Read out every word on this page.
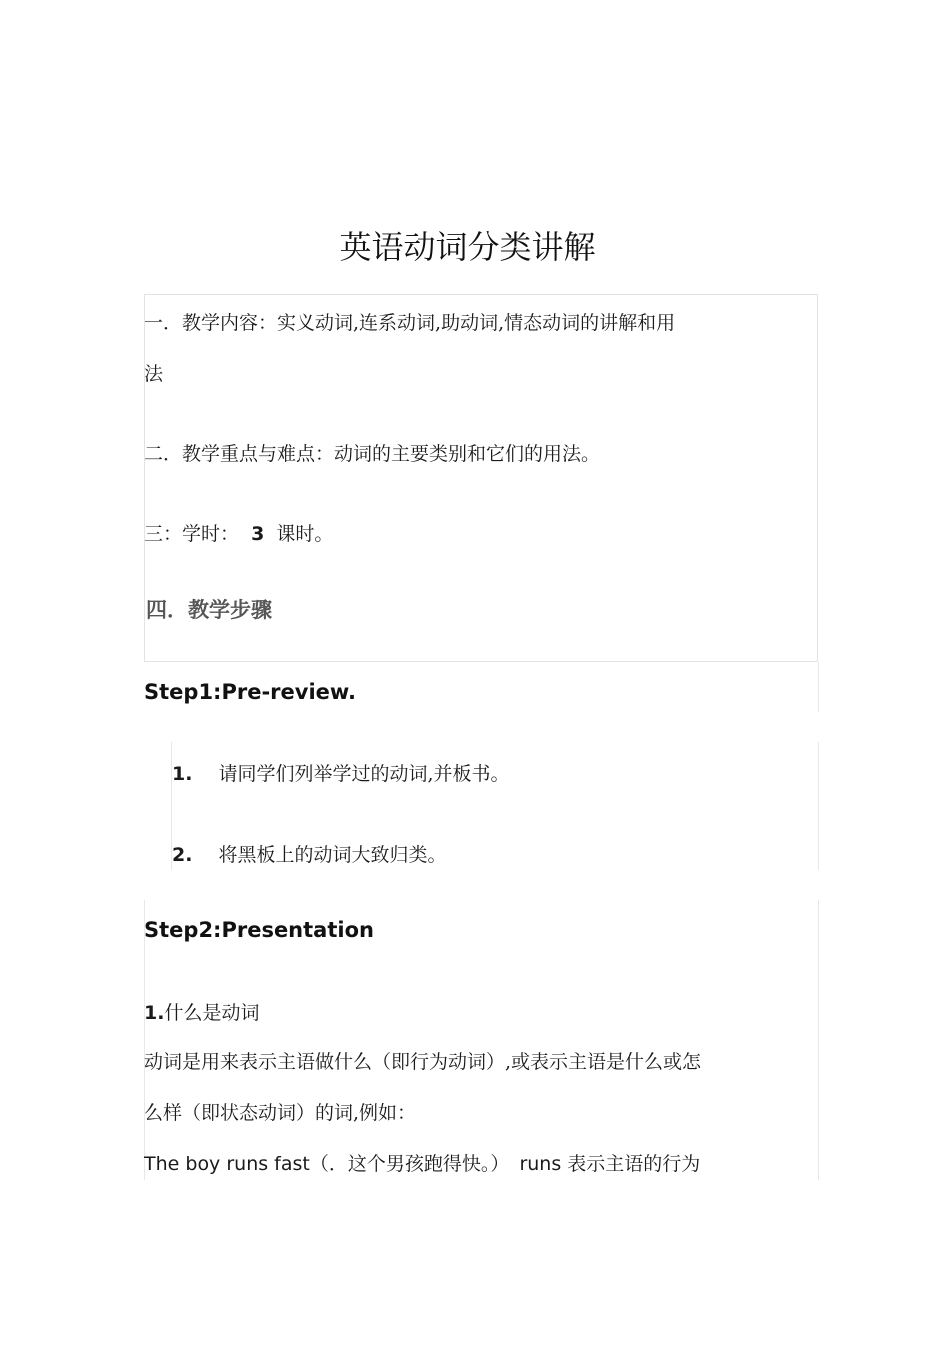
英语动词分类讲解
一．教学内容：实义动词,连系动词,助动词,情态动词的讲解和用
法
二．教学重点与难点：动词的主要类别和它们的用法。
三：学时： 3 课时。
四．教学步骤
Step1:Pre-review.
1. 请同学们列举学过的动词,并板书。
2. 将黑板上的动词大致归类。
Step2:Presentation
1.什么是动词
动词是用来表示主语做什么（即行为动词）,或表示主语是什么或怎
么样（即状态动词）的词,例如：
The boy runs fast（．这个男孩跑得快。） runs 表示主语的行为
